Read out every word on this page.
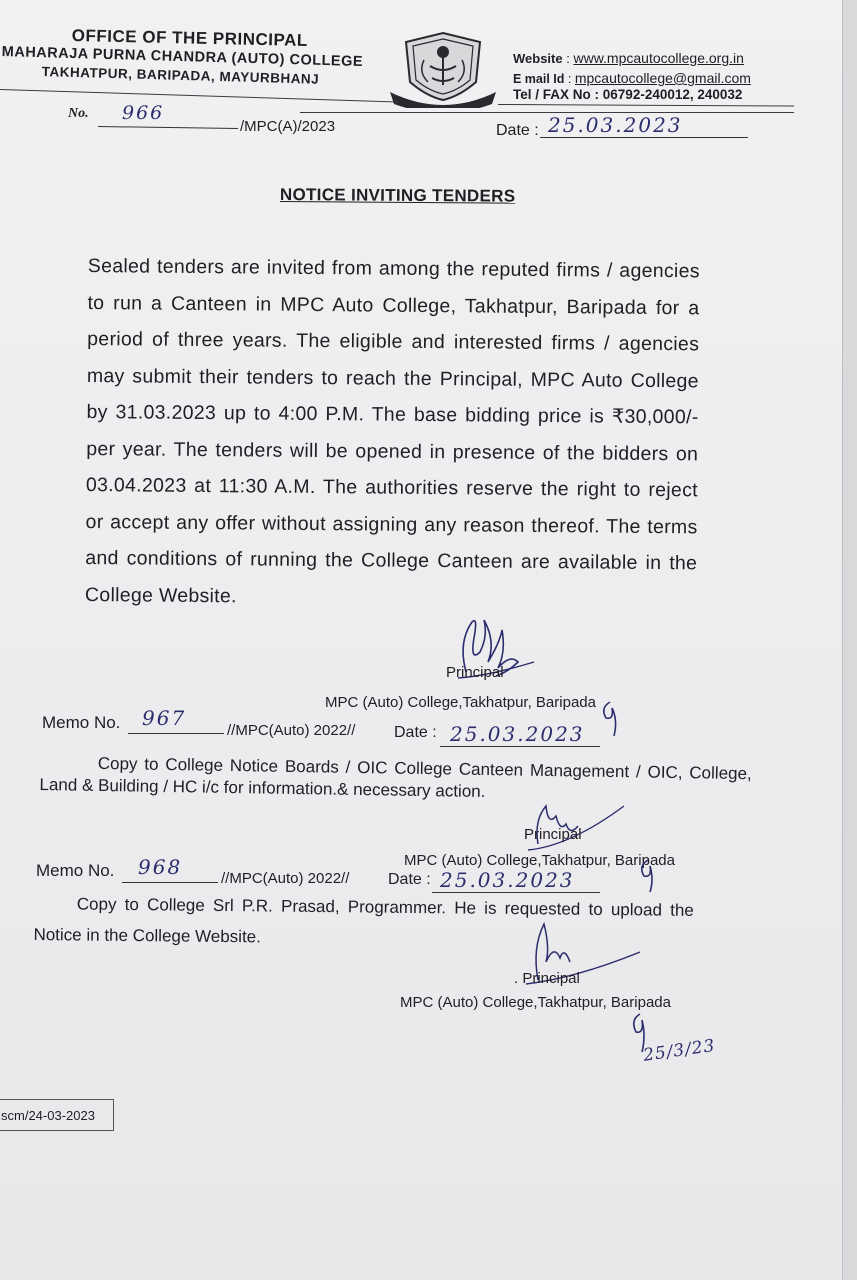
OFFICE OF THE PRINCIPAL
MAHARAJA PURNA CHANDRA (AUTO) COLLEGE
TAKHATPUR, BARIPADA, MAYURBHANJ
· · · · · · · ·
Website : www.mpcautocollege.org.in
E mail Id : mpcautocollege@gmail.com
Tel / FAX No : 06792-240012, 240032
No. 966
/MPC(A)/2023	Date : 25.03.2023
NOTICE INVITING TENDERS
Sealed tenders are invited from among the reputed firms / agencies to run a Canteen in MPC Auto College, Takhatpur, Baripada for a period of three years. The eligible and interested firms / agencies may submit their tenders to reach the Principal, MPC Auto College by 31.03.2023 up to 4:00 P.M. The base bidding price is ₹30,000/- per year. The tenders will be opened in presence of the bidders on 03.04.2023 at 11:30 A.M. The authorities reserve the right to reject or accept any offer without assigning any reason thereof. The terms and conditions of running the College Canteen are available in the College Website.
Principal
MPC (Auto) College,Takhatpur, Baripada
Memo No. 967
//MPC(Auto) 2022// Date : 25.03.2023
Copy to College Notice Boards / OIC College Canteen Management / OIC, College, Land & Building / HC i/c for information.& necessary action.
Principal
MPC (Auto) College,Takhatpur, Baripada
Memo No. 968	//MPC(Auto) 2022// Date : 25.03.2023
Copy to College Srl P.R. Prasad, Programmer. He is requested to upload the Notice in the College Website.
. Principal
MPC (Auto) College,Takhatpur, Baripada
25/3/23
scm/24-03-2023
